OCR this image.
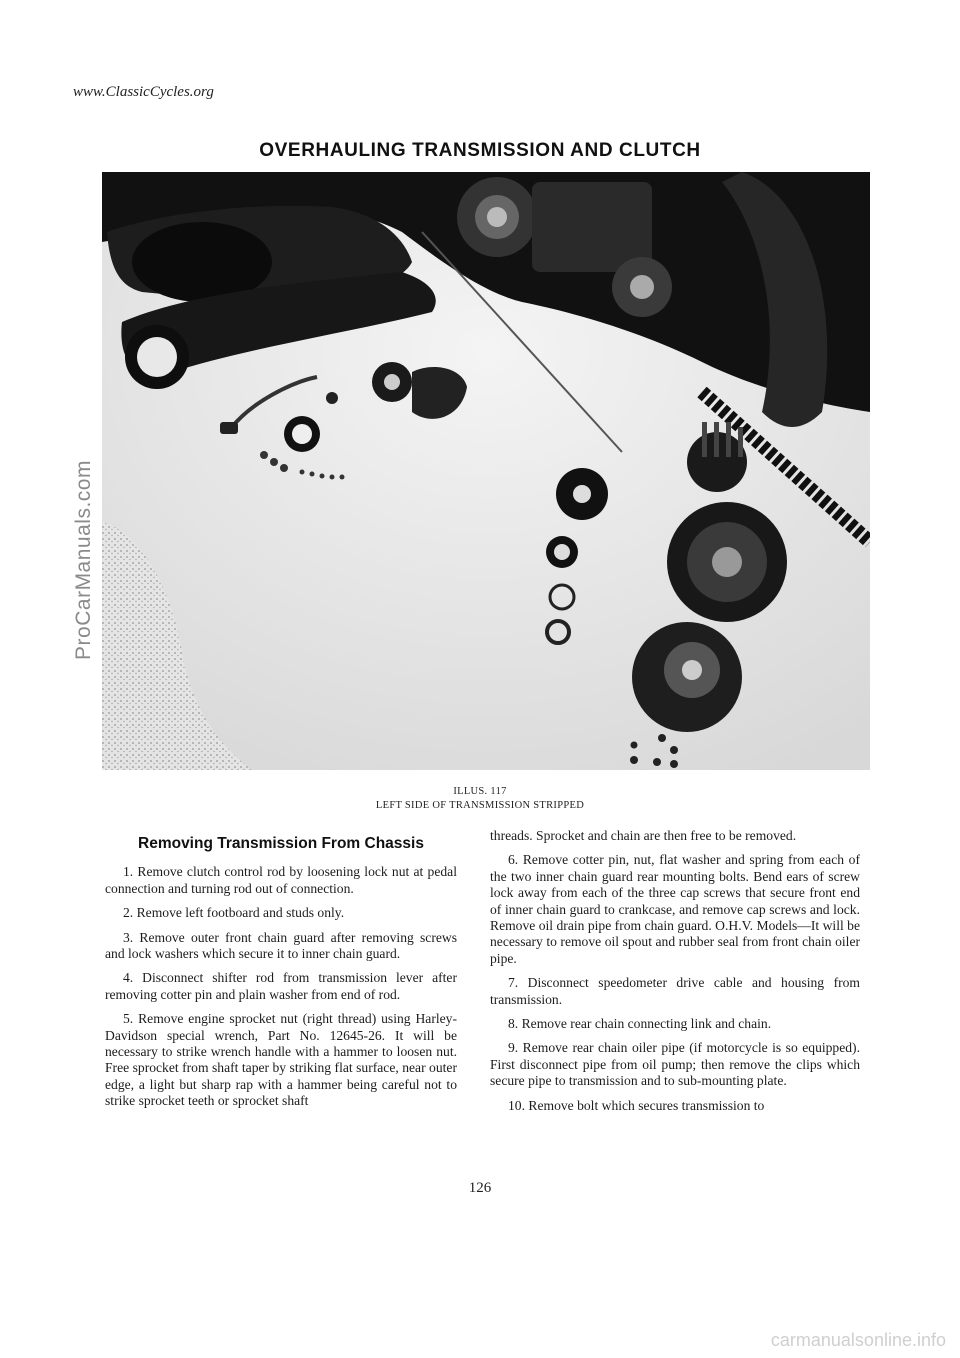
www.ClassicCycles.org
ProCarManuals.com
OVERHAULING TRANSMISSION AND CLUTCH
ILLUS. 117
LEFT SIDE OF TRANSMISSION STRIPPED
Removing Transmission From Chassis

1. Remove clutch control rod by loosening lock nut at pedal connection and turning rod out of connection.

2. Remove left footboard and studs only.

3. Remove outer front chain guard after removing screws and lock washers which secure it to inner chain guard.

4. Disconnect shifter rod from transmission lever after removing cotter pin and plain washer from end of rod.

5. Remove engine sprocket nut (right thread) using Harley-Davidson special wrench, Part No. 12645-26. It will be necessary to strike wrench handle with a hammer to loosen nut. Free sprocket from shaft taper by striking flat surface, near outer edge, a light but sharp rap with a hammer being careful not to strike sprocket teeth or sprocket shaft

threads. Sprocket and chain are then free to be removed.

6. Remove cotter pin, nut, flat washer and spring from each of the two inner chain guard rear mounting bolts. Bend ears of screw lock away from each of the three cap screws that secure front end of inner chain guard to crankcase, and remove cap screws and lock. Remove oil drain pipe from chain guard. O.H.V. Models—It will be necessary to remove oil spout and rubber seal from front chain oiler pipe.

7. Disconnect speedometer drive cable and housing from transmission.

8. Remove rear chain connecting link and chain.

9. Remove rear chain oiler pipe (if motorcycle is so equipped). First disconnect pipe from oil pump; then remove the clips which secure pipe to transmission and to sub-mounting plate.

10. Remove bolt which secures transmission to

126
carmanualsonline.info
